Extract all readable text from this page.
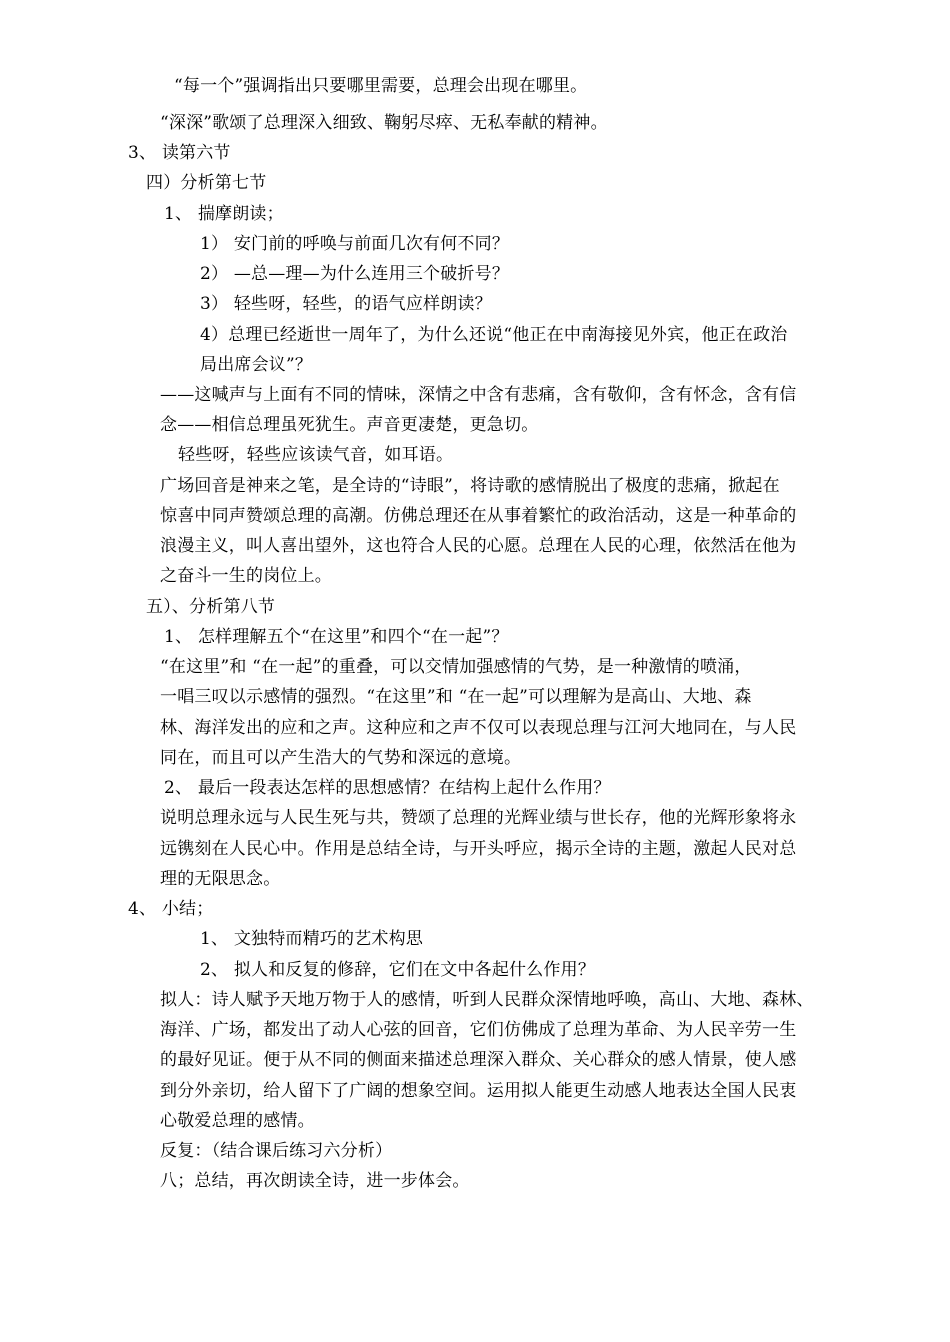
“每一个”强调指出只要哪里需要，总理会出现在哪里。
“深深”歌颂了总理深入细致、鞠躬尽瘁、无私奉献的精神。
3、 读第六节
四）分析第七节
1、 揣摩朗读；
1） 安门前的呼唤与前面几次有何不同？
2） —总—理—为什么连用三个破折号？
3） 轻些呀，轻些，的语气应样朗读？
4）总理已经逝世一周年了，为什么还说“他正在中南海接见外宾，他正在政治
局出席会议”？
——这喊声与上面有不同的情味，深情之中含有悲痛，含有敬仰，含有怀念，含有信
念——相信总理虽死犹生。声音更凄楚，更急切。
轻些呀，轻些应该读气音，如耳语。
广场回音是神来之笔，是全诗的“诗眼”，将诗歌的感情脱出了极度的悲痛，掀起在
惊喜中同声赞颂总理的高潮。仿佛总理还在从事着繁忙的政治活动，这是一种革命的
浪漫主义，叫人喜出望外，这也符合人民的心愿。总理在人民的心理，依然活在他为
之奋斗一生的岗位上。
五）、分析第八节
1、 怎样理解五个“在这里”和四个“在一起”？
“在这里”和 “在一起”的重叠，可以交情加强感情的气势，是一种激情的喷涌，
一唱三叹以示感情的强烈。“在这里”和 “在一起”可以理解为是高山、大地、森
林、海洋发出的应和之声。这种应和之声不仅可以表现总理与江河大地同在，与人民
同在，而且可以产生浩大的气势和深远的意境。
2、 最后一段表达怎样的思想感情？在结构上起什么作用？
说明总理永远与人民生死与共，赞颂了总理的光辉业绩与世长存，他的光辉形象将永
远镌刻在人民心中。作用是总结全诗，与开头呼应，揭示全诗的主题，激起人民对总
理的无限思念。
4、 小结；
1、 文独特而精巧的艺术构思
2、 拟人和反复的修辞，它们在文中各起什么作用？
拟人：诗人赋予天地万物于人的感情，听到人民群众深情地呼唤，高山、大地、森林、
海洋、广场，都发出了动人心弦的回音，它们仿佛成了总理为革命、为人民辛劳一生
的最好见证。便于从不同的侧面来描述总理深入群众、关心群众的感人情景，使人感
到分外亲切，给人留下了广阔的想象空间。运用拟人能更生动感人地表达全国人民衷
心敬爱总理的感情。
反复：（结合课后练习六分析）
八；总结，再次朗读全诗，进一步体会。
